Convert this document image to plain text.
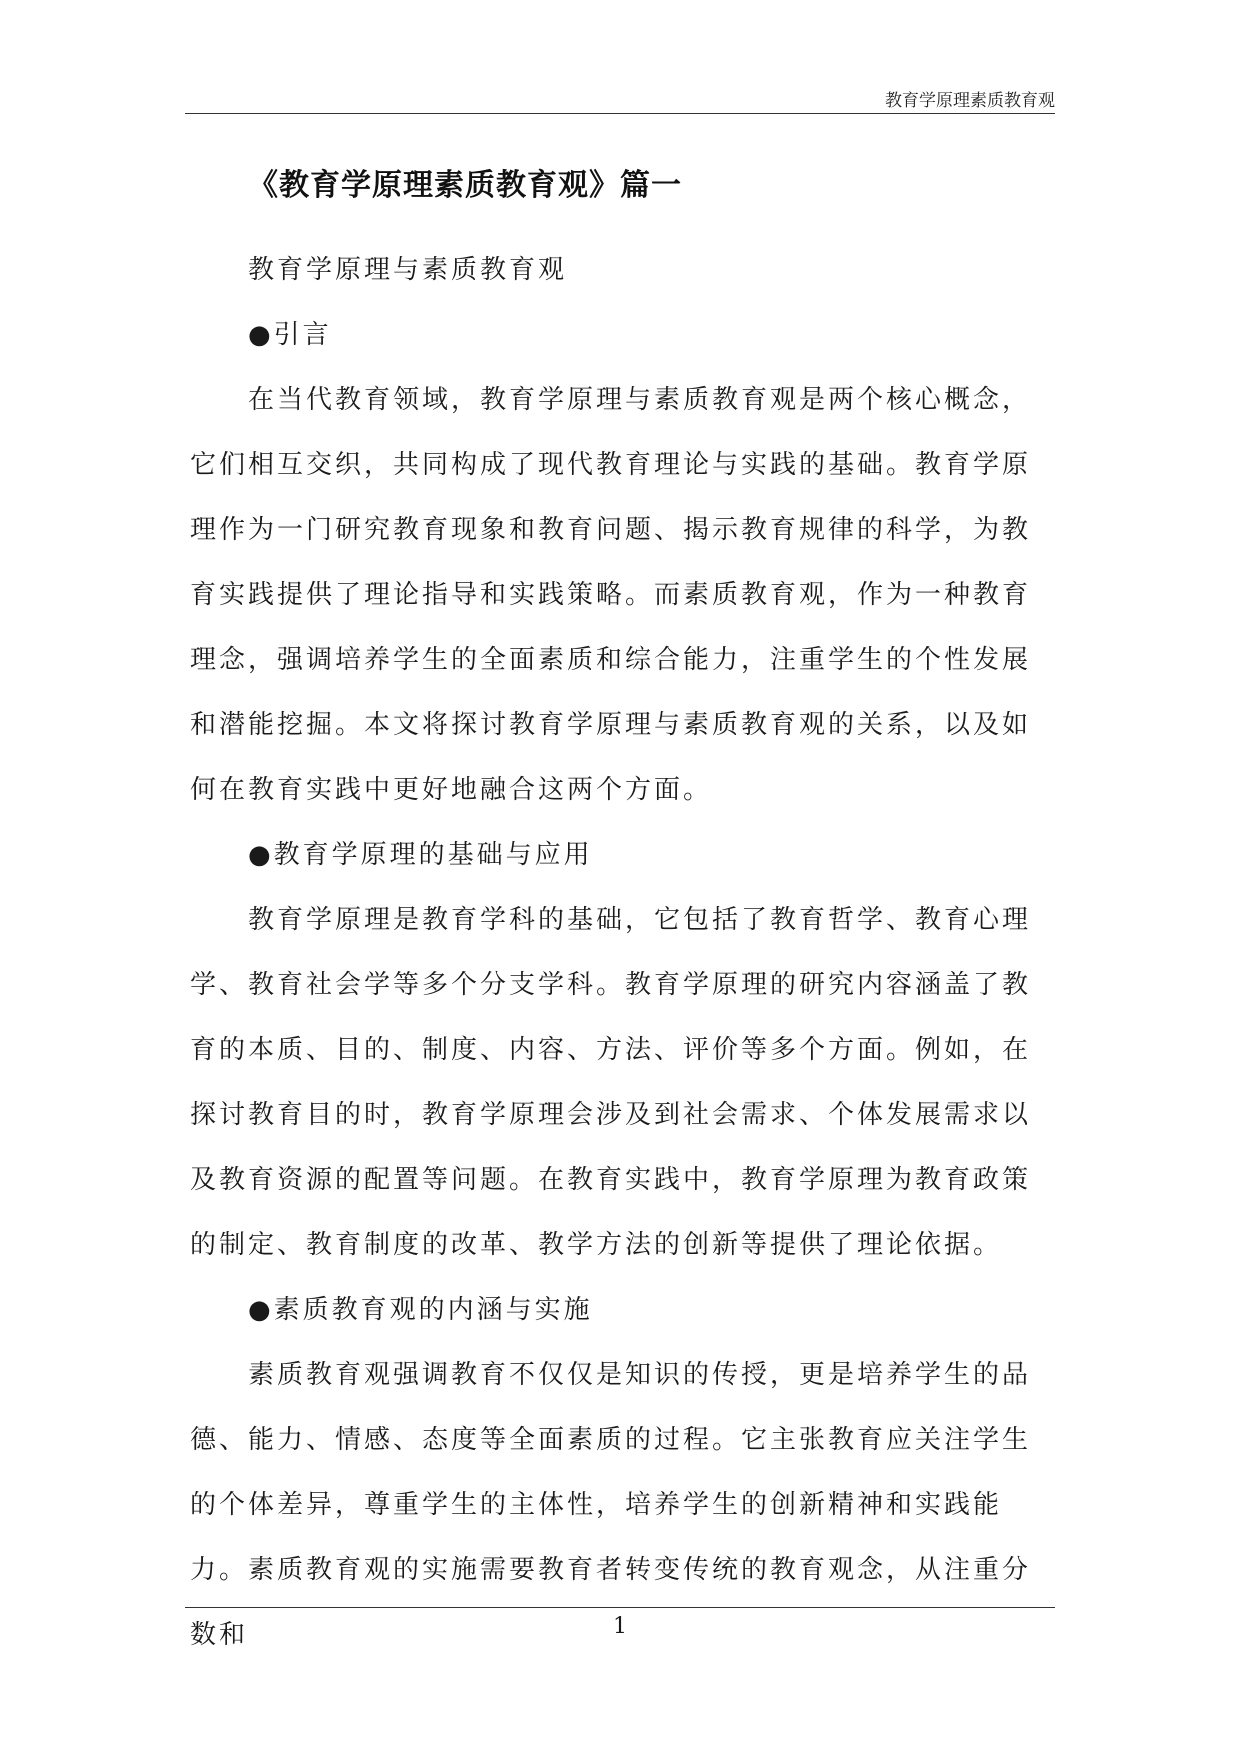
教育学原理素质教育观
《教育学原理素质教育观》篇一

教育学原理与素质教育观

●引言

在当代教育领域，教育学原理与素质教育观是两个核心概念，它们相互交织，共同构成了现代教育理论与实践的基础。教育学原理作为一门研究教育现象和教育问题、揭示教育规律的科学，为教育实践提供了理论指导和实践策略。而素质教育观，作为一种教育理念，强调培养学生的全面素质和综合能力，注重学生的个性发展和潜能挖掘。本文将探讨教育学原理与素质教育观的关系，以及如何在教育实践中更好地融合这两个方面。

●教育学原理的基础与应用

教育学原理是教育学科的基础，它包括了教育哲学、教育心理学、教育社会学等多个分支学科。教育学原理的研究内容涵盖了教育的本质、目的、制度、内容、方法、评价等多个方面。例如，在探讨教育目的时，教育学原理会涉及到社会需求、个体发展需求以及教育资源的配置等问题。在教育实践中，教育学原理为教育政策的制定、教育制度的改革、教学方法的创新等提供了理论依据。

●素质教育观的内涵与实施

素质教育观强调教育不仅仅是知识的传授，更是培养学生的品德、能力、情感、态度等全面素质的过程。它主张教育应关注学生的个体差异，尊重学生的主体性，培养学生的创新精神和实践能力。素质教育观的实施需要教育者转变传统的教育观念，从注重分数和	1
